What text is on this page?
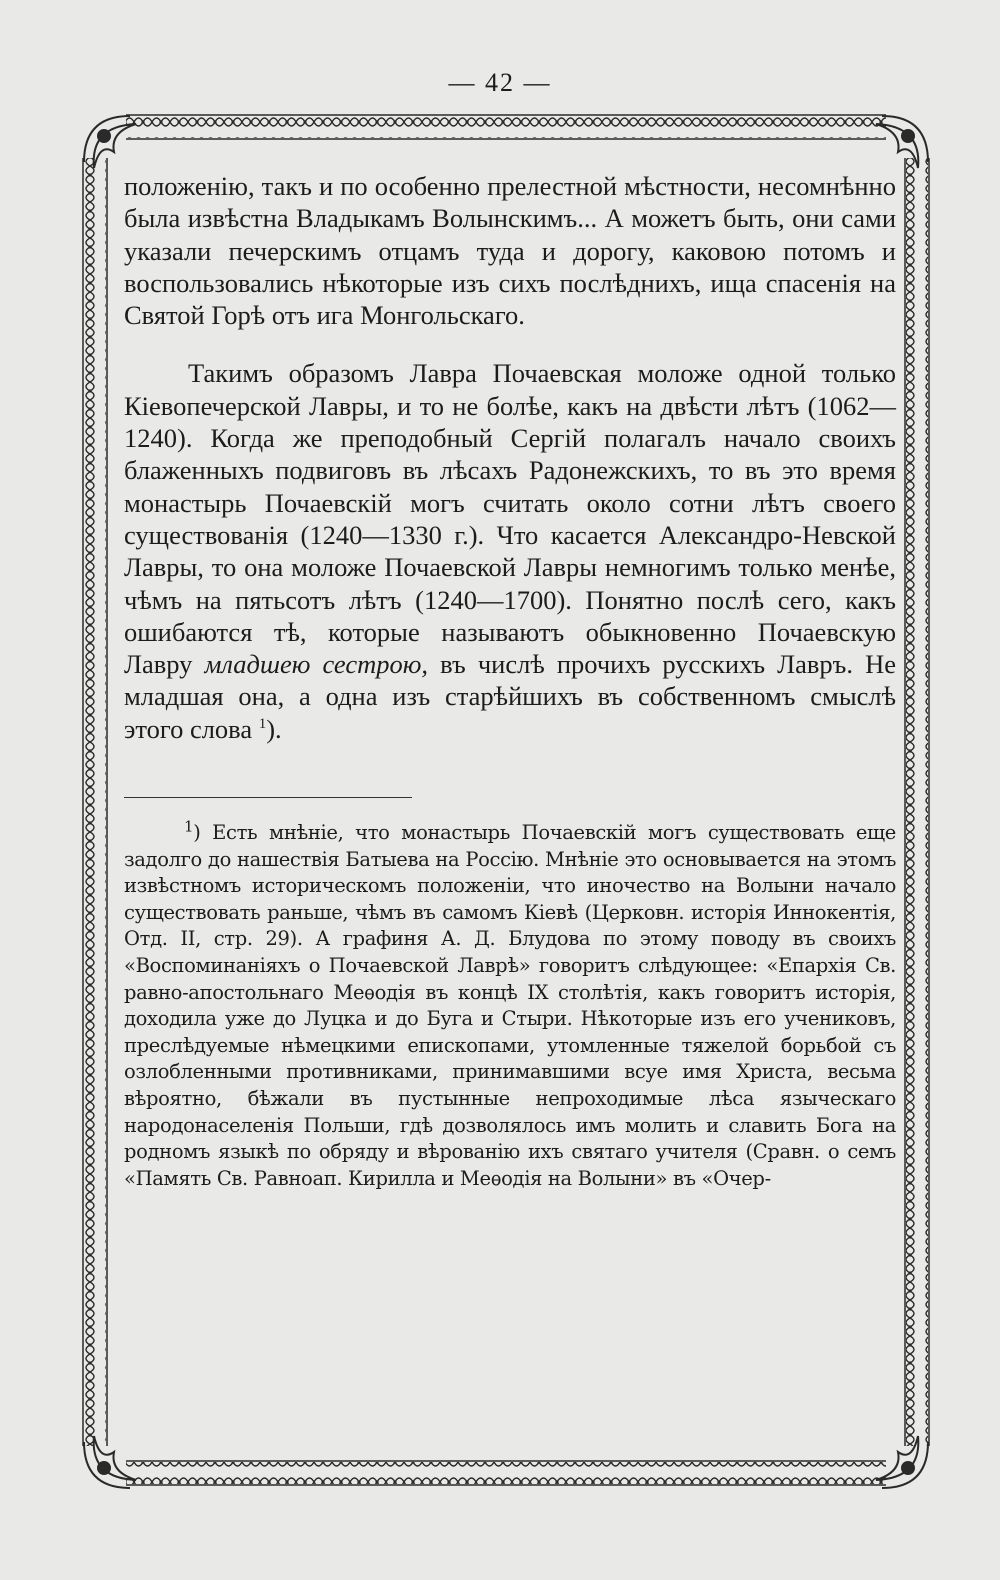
— 42 —

положенію, такъ и по особенно прелестной мѣстности, несомнѣнно была извѣстна Владыкамъ Волынскимъ... А можетъ быть, они сами указали печерскимъ отцамъ туда и дорогу, каковою потомъ и воспользовались нѣкоторые изъ сихъ послѣднихъ, ища спасенія на Святой Горѣ отъ ига Монгольскаго.

Такимъ образомъ Лавра Почаевская моложе одной только Кіевопечерской Лавры, и то не болѣе, какъ на двѣсти лѣтъ (1062—1240). Когда же преподобный Сергій полагалъ начало своихъ блаженныхъ подвиговъ въ лѣсахъ Радонежскихъ, то въ это время монастырь Почаевскій могъ считать около сотни лѣтъ своего существованія (1240—1330 г.). Что касается Александро-Невской Лавры, то она моложе Почаевской Лавры немногимъ только менѣе, чѣмъ на пятьсотъ лѣтъ (1240—1700). Понятно послѣ сего, какъ ошибаются тѣ, которые называютъ обыкновенно Почаевскую Лавру младшею сестрою, въ числѣ прочихъ русскихъ Лавръ. Не младшая она, а одна изъ старѣйшихъ въ собственномъ смыслѣ этого слова $^1$).

$^1$) Есть мнѣніе, что монастырь Почаевскій могъ существовать еще задолго до нашествія Батыева на Россію. Мнѣніе это основывается на этомъ извѣстномъ историческомъ положеніи, что иночество на Волыни начало существовать раньше, чѣмъ въ самомъ Кіевѣ (Церковн. исторія Иннокентія, Отд. II, стр. 29). А графиня А. Д. Блудова по этому поводу въ своихъ «Воспоминаніяхъ о Почаевской Лаврѣ» говоритъ слѣдующее: «Епархія Св. равно-апостольнаго Меѳодія въ концѣ IX столѣтія, какъ говоритъ исторія, доходила уже до Луцка и до Буга и Стыри. Нѣкоторые изъ его учениковъ, преслѣдуемые нѣмецкими епископами, утомленные тяжелой борьбой съ озлобленными противниками, принимавшими всуе имя Христа, весьма вѣроятно, бѣжали въ пустынные непроходимые лѣса языческаго народонаселенія Польши, гдѣ дозволялось имъ молить и славить Бога на родномъ языкѣ по обряду и вѣрованію ихъ святаго учителя (Сравн. о семъ «Память Св. Равноап. Кирилла и Меѳодія на Волыни» въ «Очер-
